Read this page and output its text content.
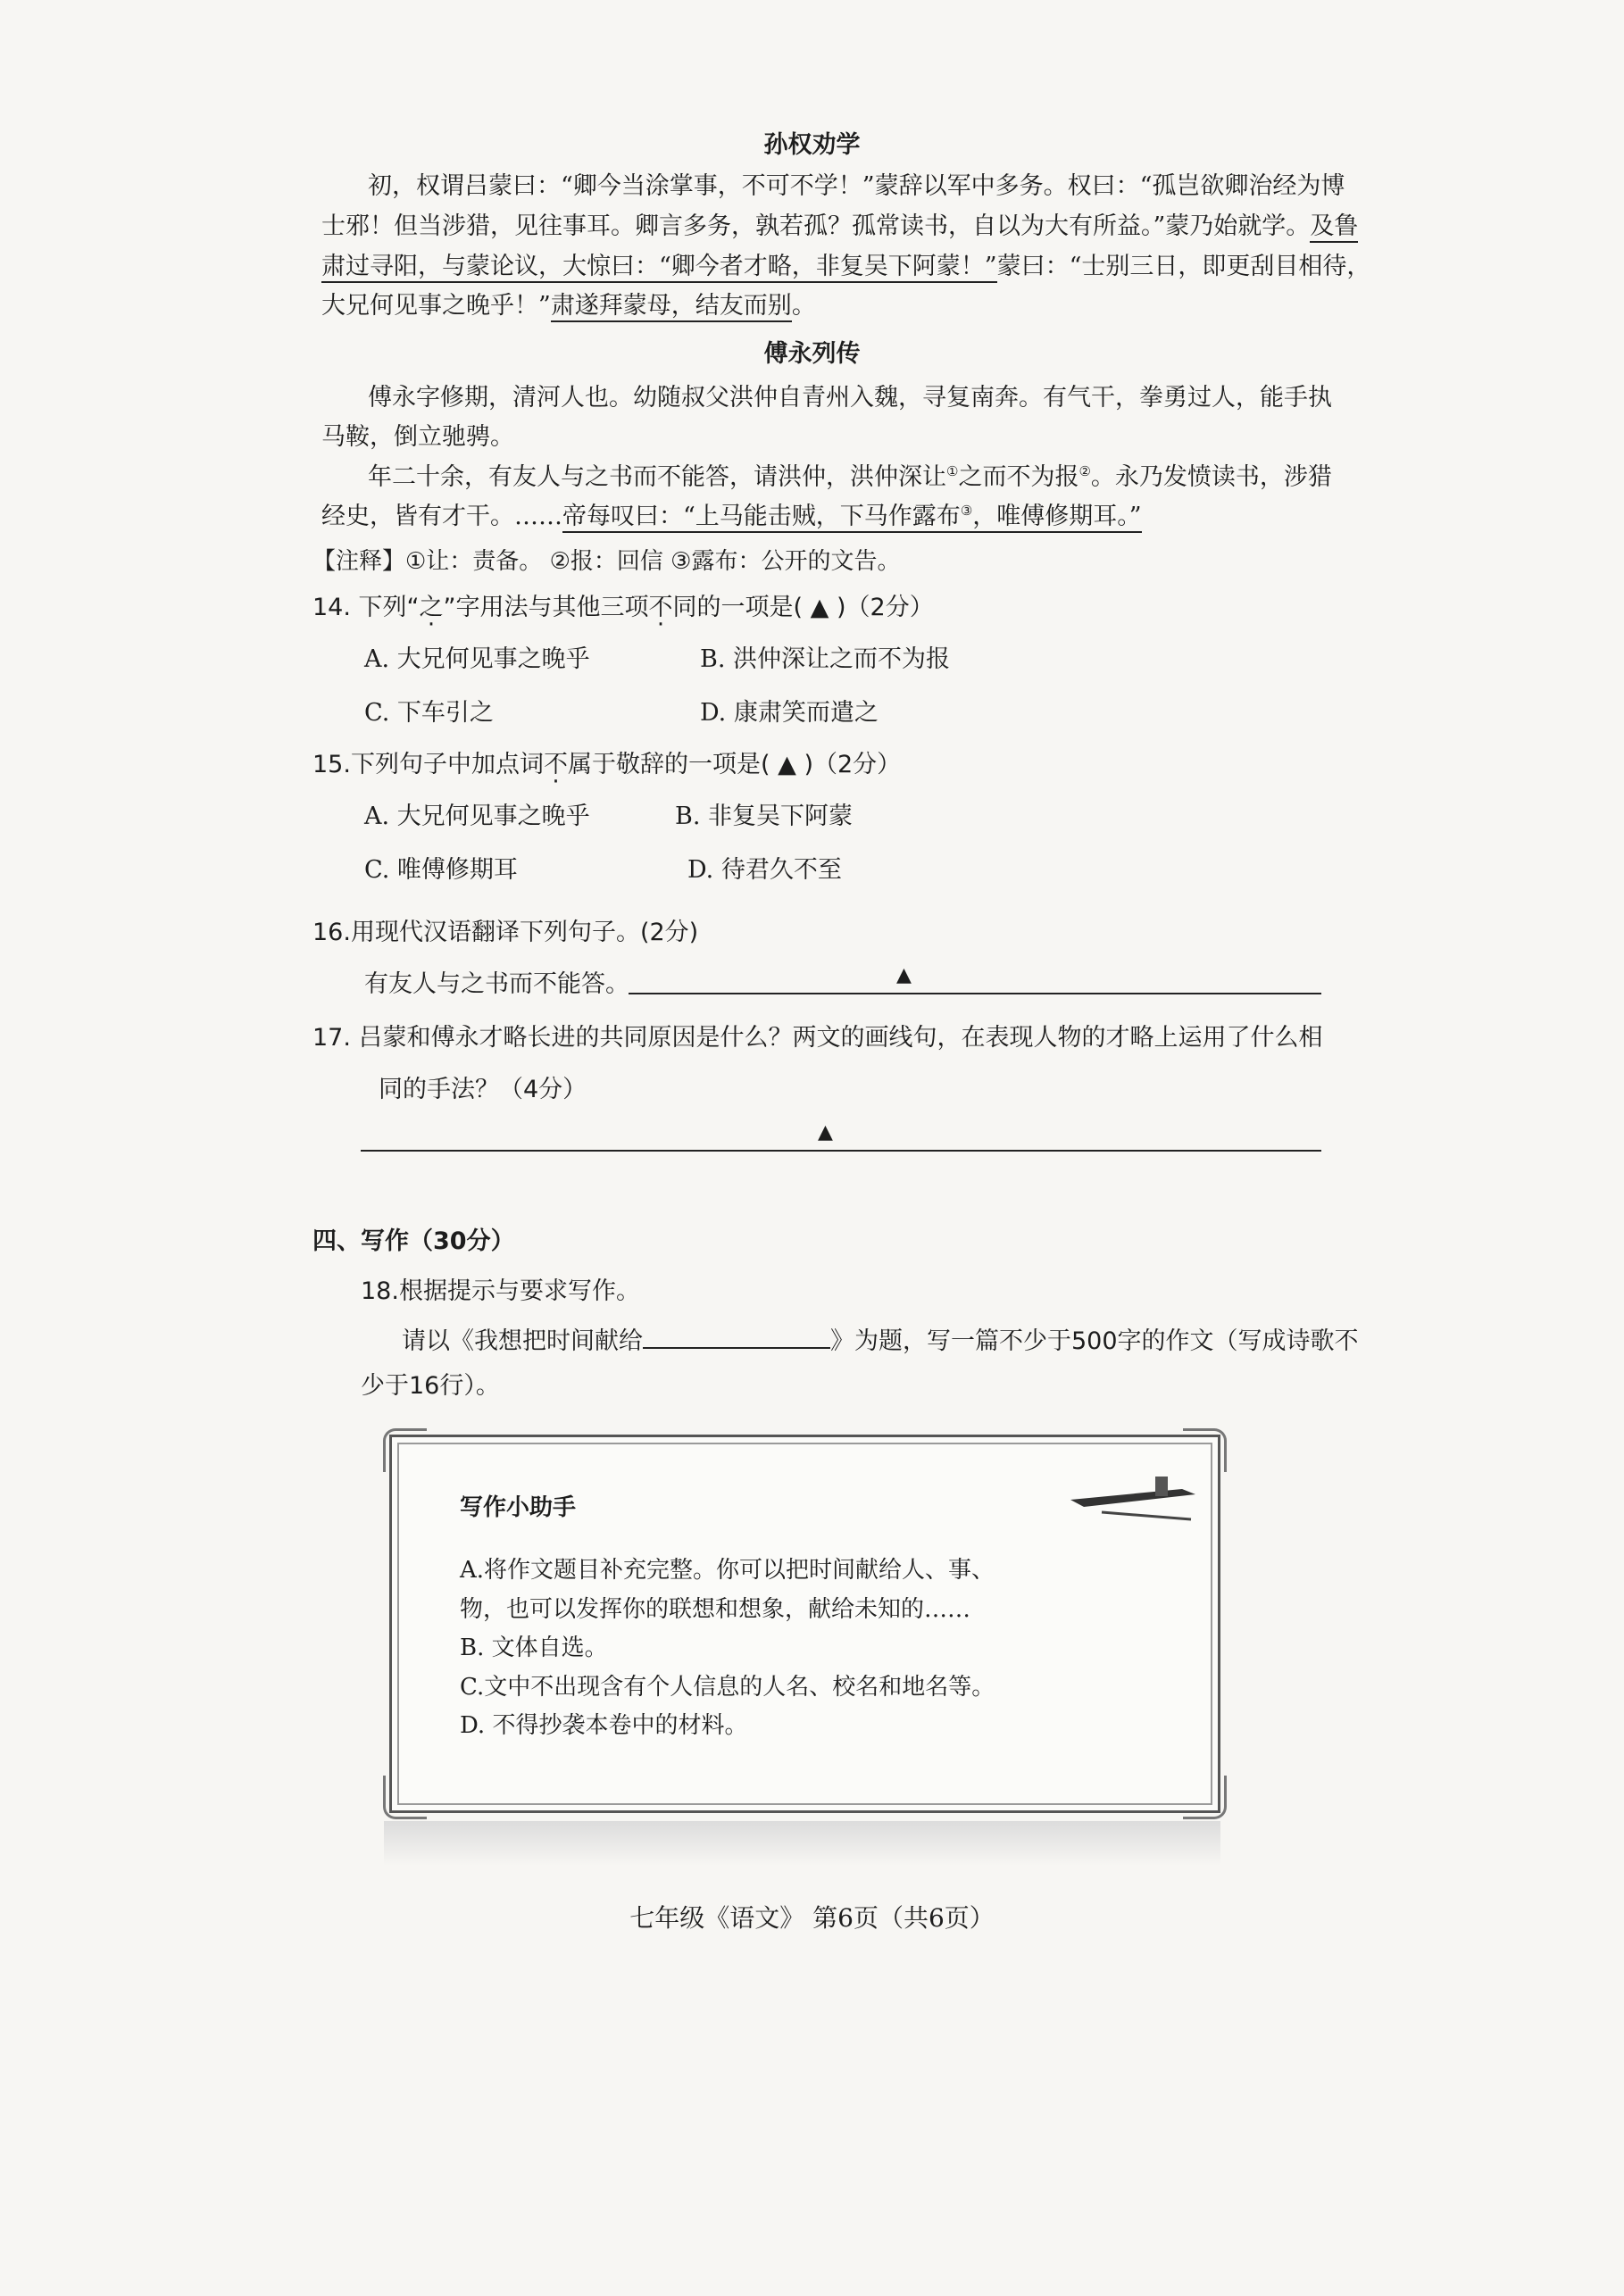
孙权劝学
初，权谓吕蒙曰：“卿今当涂掌事，不可不学！”蒙辞以军中多务。权曰：“孤岂欲卿治经为博
士邪！但当涉猎，见往事耳。卿言多务，孰若孤？孤常读书，自以为大有所益。”蒙乃始就学。及鲁
肃过寻阳，与蒙论议，大惊曰：“卿今者才略，非复吴下阿蒙！”蒙曰：“士别三日，即更刮目相待，
大兄何见事之晚乎！”肃遂拜蒙母，结友而别。
傅永列传
傅永字修期，清河人也。幼随叔父洪仲自青州入魏，寻复南奔。有气干，拳勇过人，能手执
马鞍，倒立驰骋。
年二十余，有友人与之书而不能答，请洪仲，洪仲深让①之而不为报②。永乃发愤读书，涉猎
经史，皆有才干。……帝每叹曰：“上马能击贼，下马作露布③，唯傅修期耳。”
【注释】①让：责备。 ②报：回信 ③露布：公开的文告。
14. 下列“之”字用法与其他三项不同的一项是( ▲ )（2分）
A. 大兄何见事之晚乎	B. 洪仲深让之而不为报
C. 下车引之	D. 康肃笑而遣之
15.下列句子中加点词不属于敬辞的一项是( ▲ )（2分）
A. 大兄何见事之晚乎	B. 非复吴下阿蒙
C. 唯傅修期耳	D. 待君久不至
16.用现代汉语翻译下列句子。(2分)
有友人与之书而不能答。	▲
17. 吕蒙和傅永才略长进的共同原因是什么？两文的画线句，在表现人物的才略上运用了什么相
同的手法？（4分）
▲
四、写作（30分）
18.根据提示与要求写作。
请以《我想把时间献给	》为题，写一篇不少于500字的作文（写成诗歌不
少于16行）。
写作小助手
A.将作文题目补充完整。你可以把时间献给人、事、
物，也可以发挥你的联想和想象，献给未知的……
B. 文体自选。
C.文中不出现含有个人信息的人名、校名和地名等。
D. 不得抄袭本卷中的材料。
七年级《语文》 第6页（共6页）
